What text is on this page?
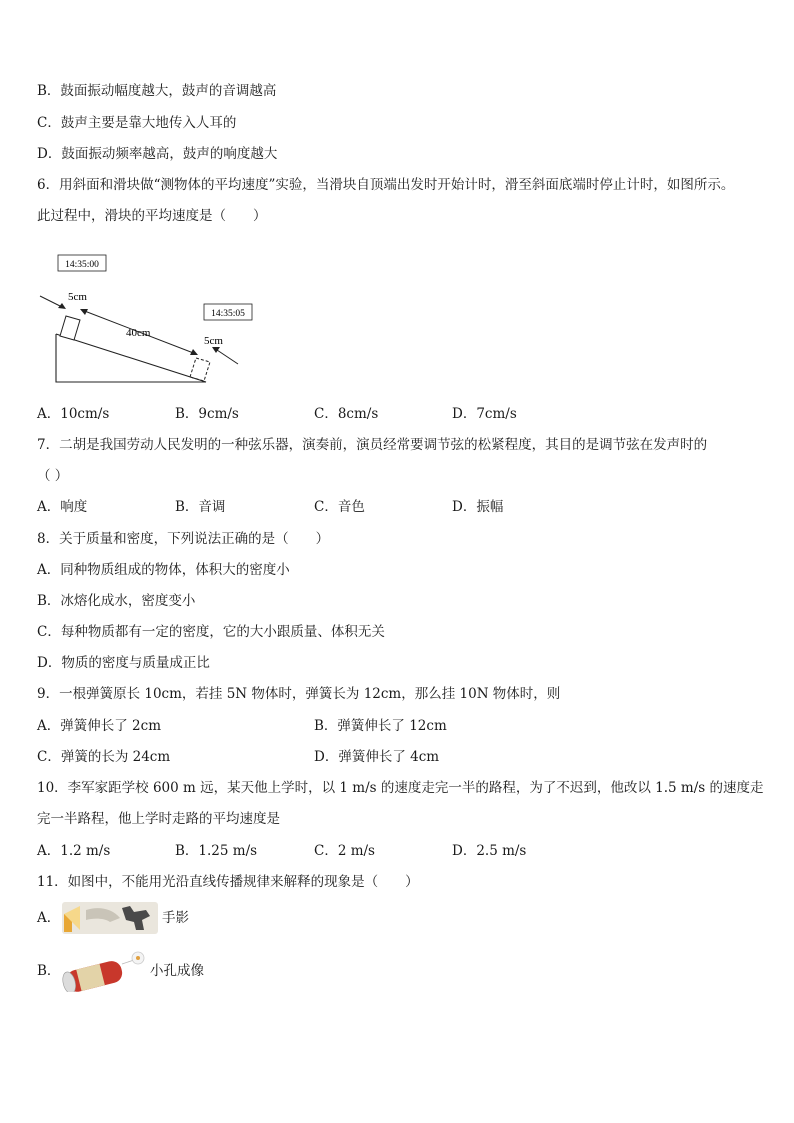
B．鼓面振动幅度越大，鼓声的音调越高
C．鼓声主要是靠大地传入人耳的
D．鼓面振动频率越高，鼓声的响度越大
6．用斜面和滑块做“测物体的平均速度”实验，当滑块自顶端出发时开始计时，滑至斜面底端时停止计时，如图所示。
此过程中，滑块的平均速度是（　　）
14:35:00
14:35:05
5cm
40cm
5cm
A．10cm/s	B．9cm/s	C．8cm/s	D．7cm/s
7．二胡是我国劳动人民发明的一种弦乐器，演奏前，演员经常要调节弦的松紧程度，其目的是调节弦在发声时的
（ ）
A．响度	B．音调	C．音色	D．振幅
8．关于质量和密度，下列说法正确的是（　　）
A．同种物质组成的物体，体积大的密度小
B．冰熔化成水，密度变小
C．每种物质都有一定的密度，它的大小跟质量、体积无关
D．物质的密度与质量成正比
9．一根弹簧原长 10cm，若挂 5N 物体时，弹簧长为 12cm，那么挂 10N 物体时，则
A．弹簧伸长了 2cm	B．弹簧伸长了 12cm
C．弹簧的长为 24cm	D．弹簧伸长了 4cm
10．李军家距学校 600 m 远，某天他上学时，以 1 m/s 的速度走完一半的路程，为了不迟到，他改以 1.5 m/s 的速度走
完一半路程，他上学时走路的平均速度是
A．1.2 m/s	B．1.25 m/s	C．2 m/s	D．2.5 m/s
11．如图中，不能用光沿直线传播规律来解释的现象是（　　）
A．	手影
B．	小孔成像
